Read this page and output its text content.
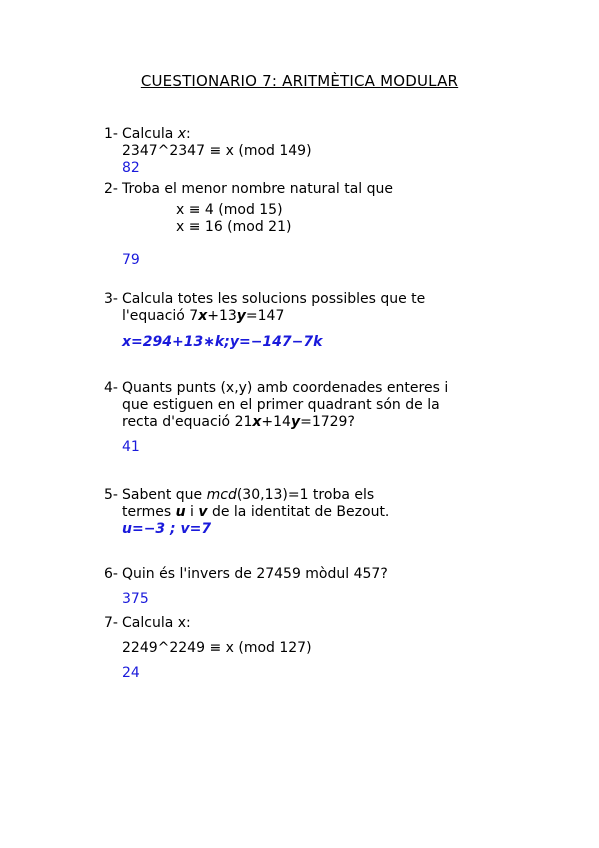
CUESTIONARIO 7: ARITMÈTICA MODULAR
1- Calcula x:
2347^2347 ≡ x (mod 149)
82
2- Troba el menor nombre natural tal que
x ≡ 4 (mod 15)
x ≡ 16 (mod 21)
79
3- Calcula totes les solucions possibles que te
l'equació 7x+13y=147
x=294+13∗k;y=−147−7k
4- Quants punts (x,y) amb coordenades enteres i
que estiguen en el primer quadrant són de la
recta d'equació 21x+14y=1729?
41
5- Sabent que mcd(30,13)=1 troba els
termes u i v de la identitat de Bezout.
u=−3 ; v=7
6- Quin és l'invers de 27459 mòdul 457?
375
7- Calcula x:
2249^2249 ≡ x (mod 127)
24
